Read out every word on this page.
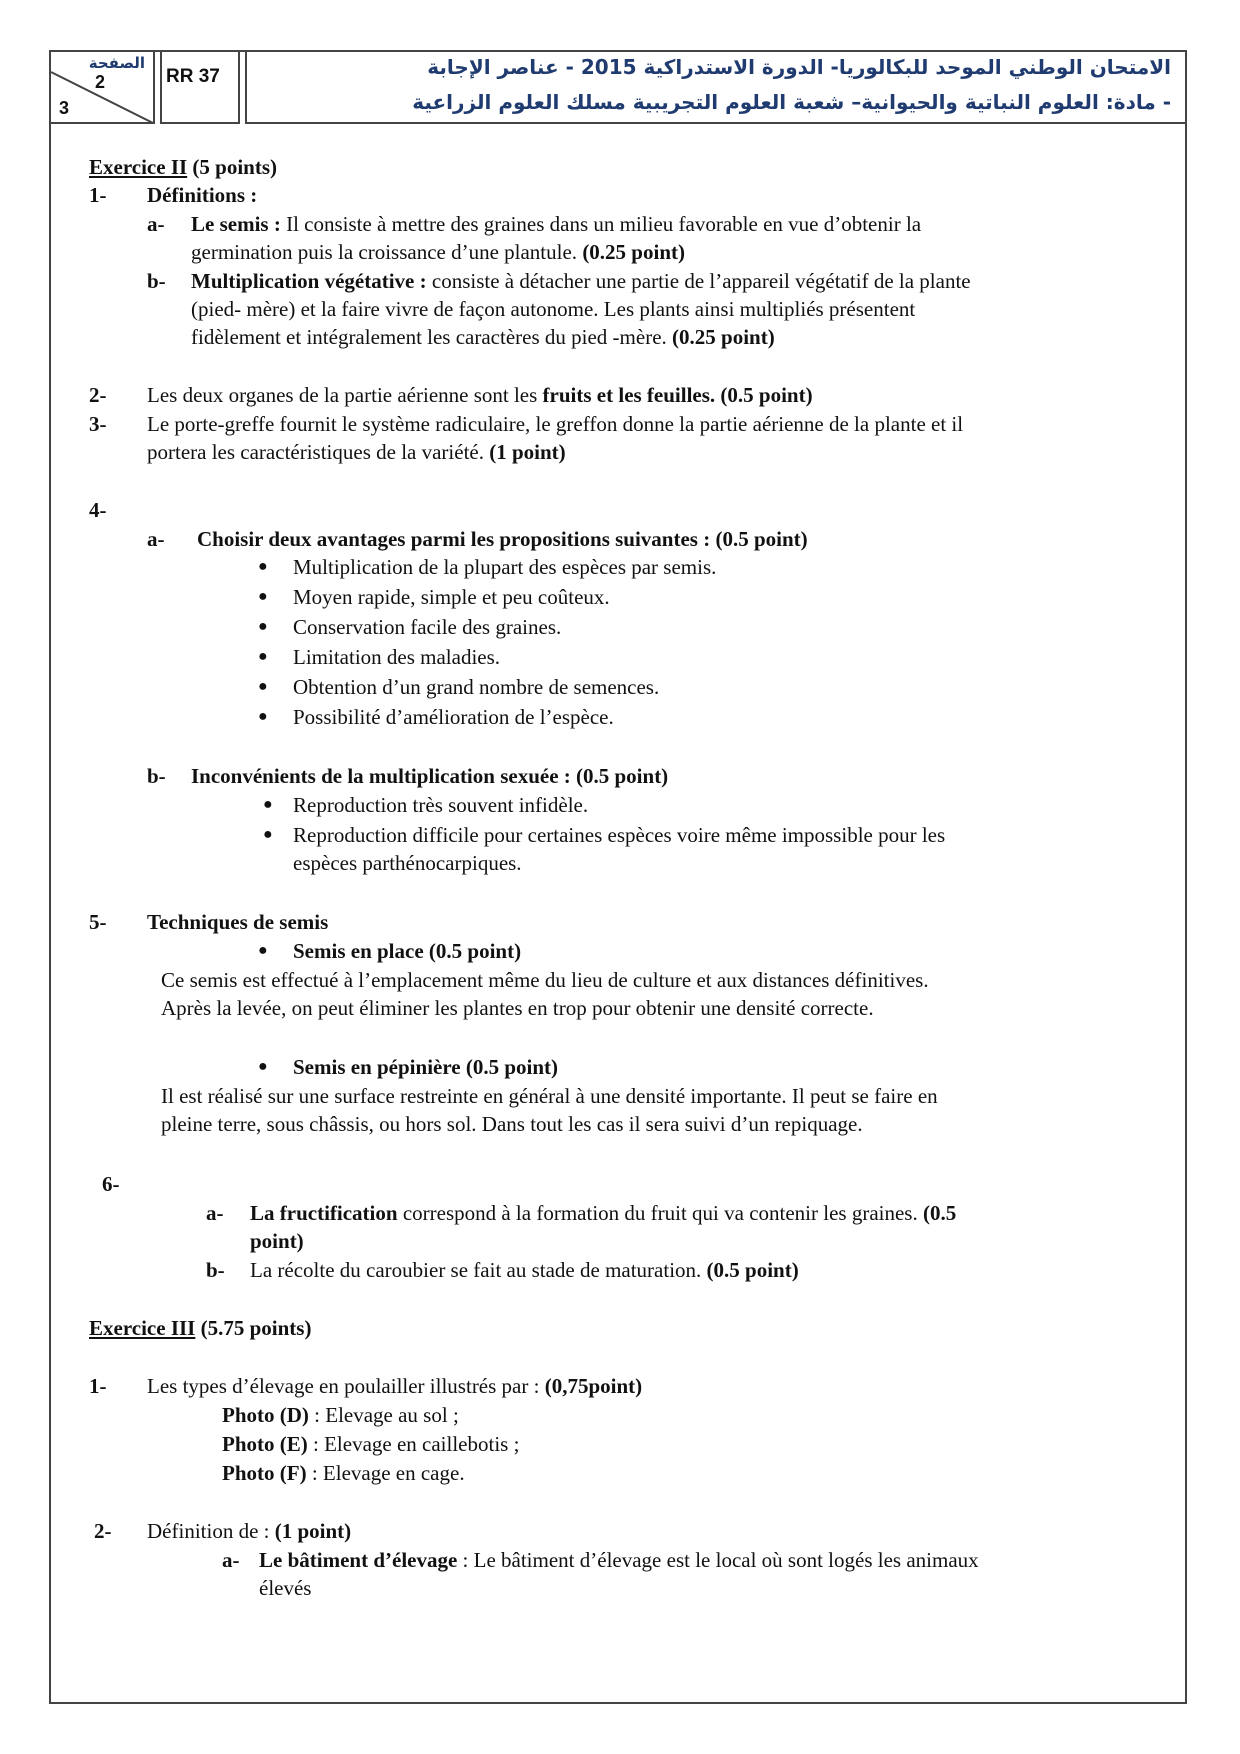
الصفحة
2
3
RR 37	الامتحان الوطني الموحد للبكالوريا- الدورة الاستدراكية 2015 - عناصر الإجابة
- مادة: العلوم النباتية والحيوانية– شعبة العلوم التجريبية مسلك العلوم الزراعية
Exercice II (5 points)
1- Définitions :
a- Le semis : Il consiste à mettre des graines dans un milieu favorable en vue d’obtenir la
germination puis la croissance d’une plantule. (0.25 point)
b- Multiplication végétative : consiste à détacher une partie de l’appareil végétatif de la plante
(pied- mère) et la faire vivre de façon autonome. Les plants ainsi multipliés présentent
fidèlement et intégralement les caractères du pied -mère. (0.25 point)
2- Les deux organes de la partie aérienne sont les fruits et les feuilles. (0.5 point)
3- Le porte-greffe fournit le système radiculaire, le greffon donne la partie aérienne de la plante et il
portera les caractéristiques de la variété. (1 point)
4-
a- Choisir deux avantages parmi les propositions suivantes : (0.5 point)
● Multiplication de la plupart des espèces par semis.
● Moyen rapide, simple et peu coûteux.
● Conservation facile des graines.
● Limitation des maladies.
● Obtention d’un grand nombre de semences.
● Possibilité d’amélioration de l’espèce.
b- Inconvénients de la multiplication sexuée : (0.5 point)
● Reproduction très souvent infidèle.
● Reproduction difficile pour certaines espèces voire même impossible pour les
espèces parthénocarpiques.
5- Techniques de semis
● Semis en place (0.5 point)
Ce semis est effectué à l’emplacement même du lieu de culture et aux distances définitives.
Après la levée, on peut éliminer les plantes en trop pour obtenir une densité correcte.
● Semis en pépinière (0.5 point)
Il est réalisé sur une surface restreinte en général à une densité importante. Il peut se faire en
pleine terre, sous châssis, ou hors sol. Dans tout les cas il sera suivi d’un repiquage.
6-
a- La fructification correspond à la formation du fruit qui va contenir les graines. (0.5
point)
b- La récolte du caroubier se fait au stade de maturation. (0.5 point)
Exercice III (5.75 points)
1- Les types d’élevage en poulailler illustrés par : (0,75point)
Photo (D) : Elevage au sol ;
Photo (E) : Elevage en caillebotis ;
Photo (F) : Elevage en cage.
2- Définition de : (1 point)
a- Le bâtiment d’élevage : Le bâtiment d’élevage est le local où sont logés les animaux
élevés
